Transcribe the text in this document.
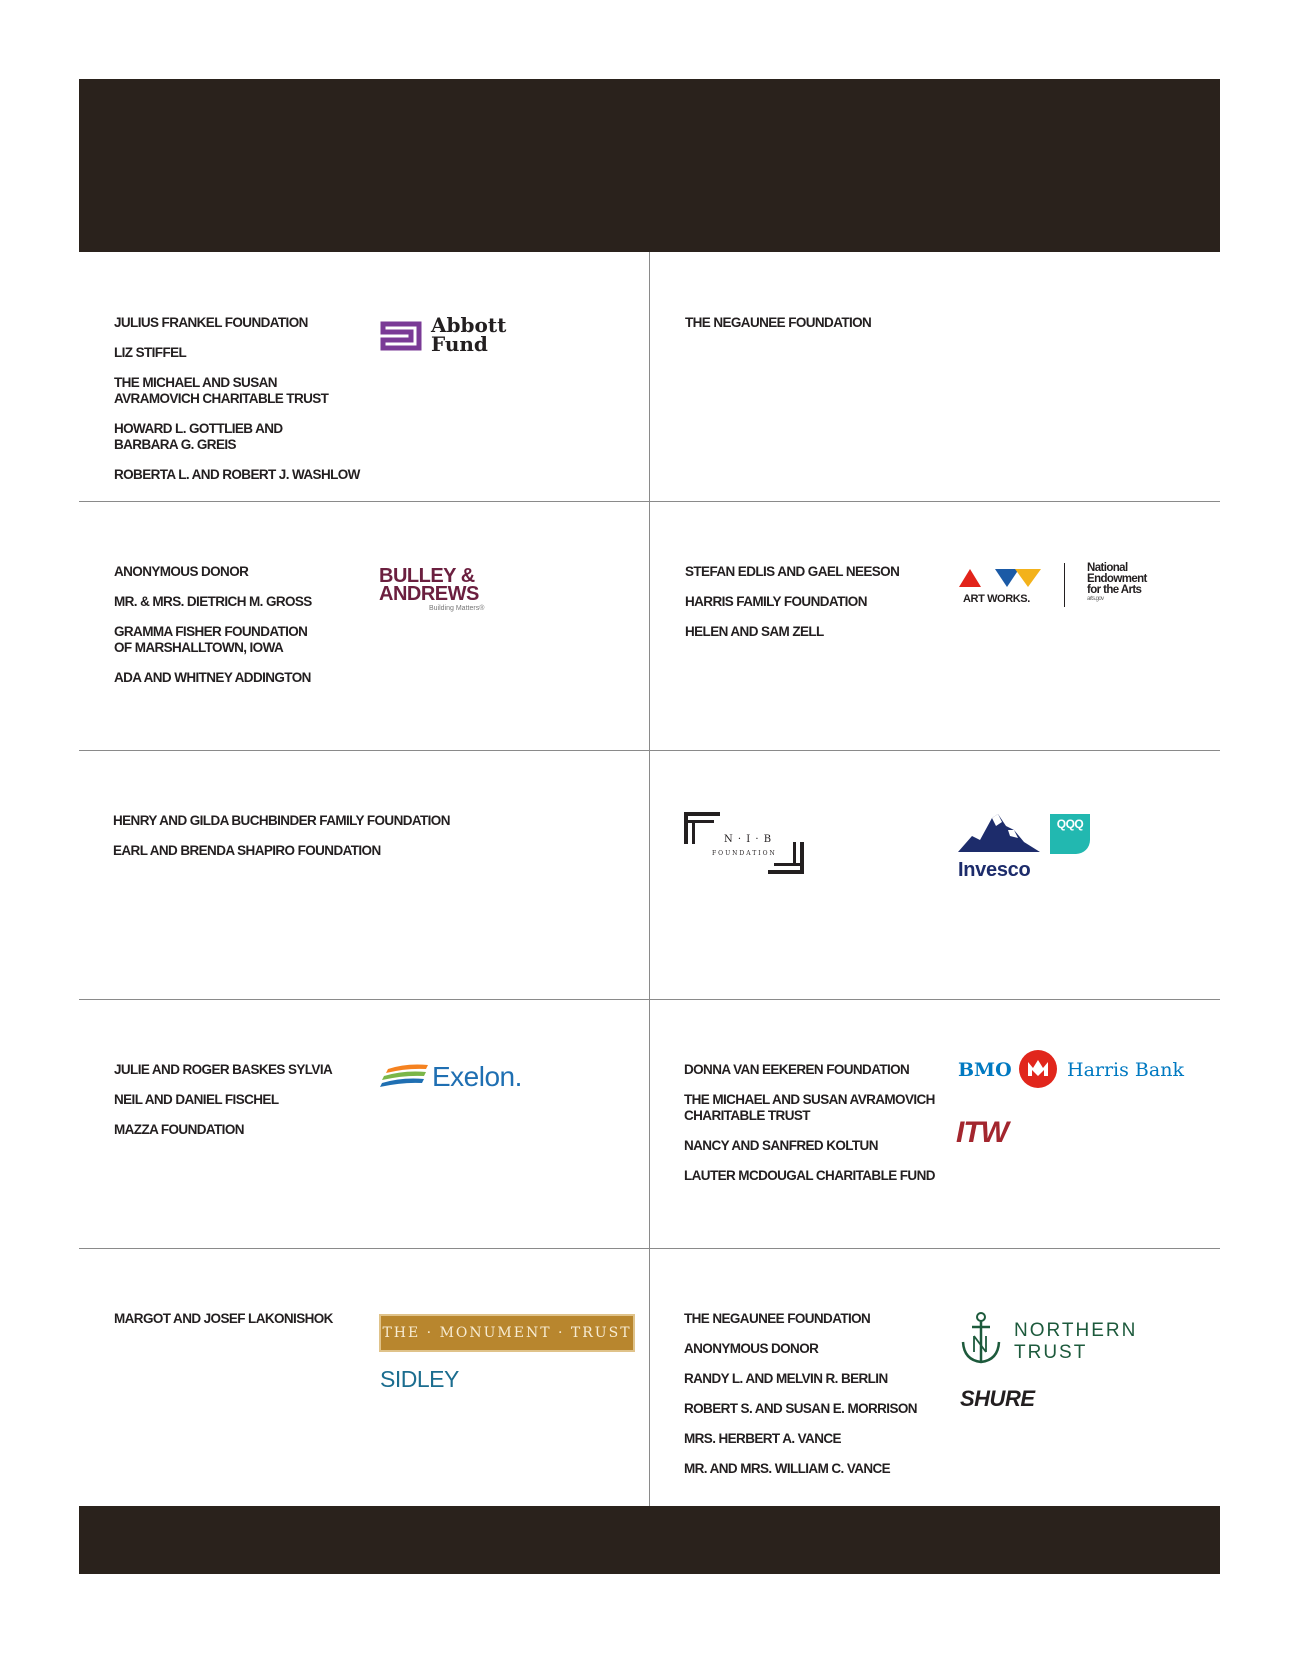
JULIUS FRANKEL FOUNDATION
LIZ STIFFEL
THE MICHAEL AND SUSAN
AVRAMOVICH CHARITABLE TRUST
HOWARD L. GOTTLIEB AND
BARBARA G. GREIS
ROBERTA L. AND ROBERT J. WASHLOW
Abbott
Fund
THE NEGAUNEE FOUNDATION
ANONYMOUS DONOR
MR. & MRS. DIETRICH M. GROSS
GRAMMA FISHER FOUNDATION
OF MARSHALLTOWN, IOWA
ADA AND WHITNEY ADDINGTON
BULLEY &
ANDREWS
Building Matters®
STEFAN EDLIS AND GAEL NEESON
HARRIS FAMILY FOUNDATION
HELEN AND SAM ZELL
ART WORKS.
National
Endowment
for the Arts
arts.gov
HENRY AND GILDA BUCHBINDER FAMILY FOUNDATION
EARL AND BRENDA SHAPIRO FOUNDATION
N · I · B
FOUNDATION
Invesco
QQQ
JULIE AND ROGER BASKES SYLVIA
NEIL AND DANIEL FISCHEL
MAZZA FOUNDATION
Exelon.	DONNA VAN EEKEREN FOUNDATION
THE MICHAEL AND SUSAN AVRAMOVICH
CHARITABLE TRUST
NANCY AND SANFRED KOLTUN
LAUTER MCDOUGAL CHARITABLE FUND
BMO	Harris Bank
ITW
MARGOT AND JOSEF LAKONISHOK
THE · MONUMENT · TRUST
SIDLEY
THE NEGAUNEE FOUNDATION
ANONYMOUS DONOR
RANDY L. AND MELVIN R. BERLIN
ROBERT S. AND SUSAN E. MORRISON
MRS. HERBERT A. VANCE
MR. AND MRS. WILLIAM C. VANCE
NORTHERN
TRUST
SHURE
